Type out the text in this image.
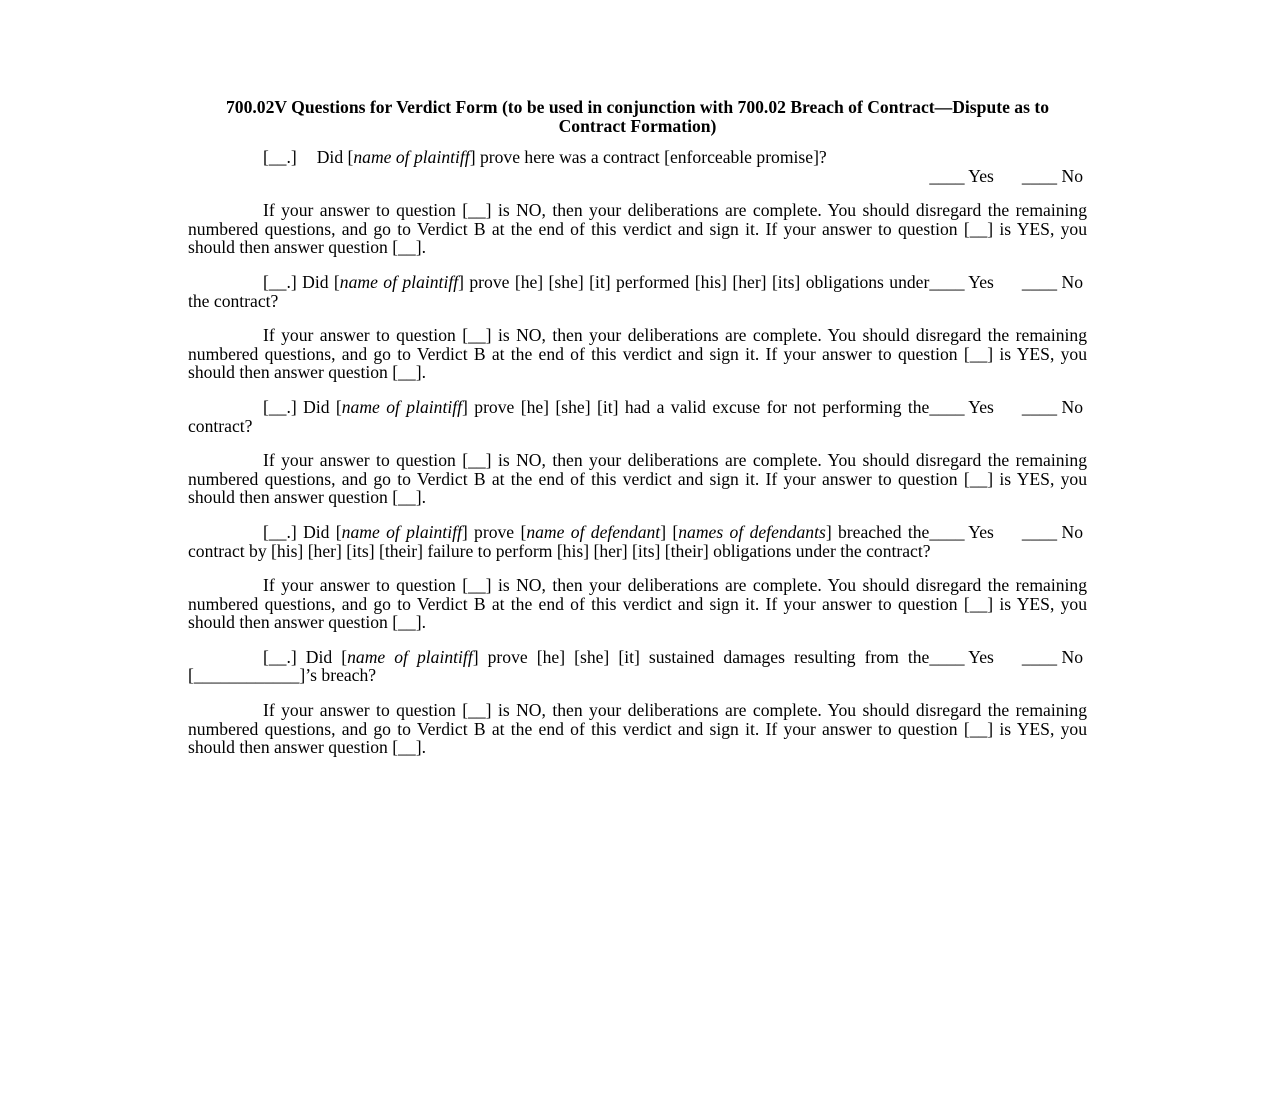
700.02V Questions for Verdict Form (to be used in conjunction with 700.02 Breach of Contract—Dispute as to Contract Formation)
[__.] Did [name of plaintiff] prove here was a contract [enforceable promise]?
____ Yes ____ No
If your answer to question [__] is NO, then your deliberations are complete. You should disregard the remaining numbered questions, and go to Verdict B at the end of this verdict and sign it. If your answer to question [__] is YES, you should then answer question [__].
____ Yes ____ No
[__.] Did [name of plaintiff] prove [he] [she] [it] performed [his] [her] [its] obligations under the contract?
If your answer to question [__] is NO, then your deliberations are complete. You should disregard the remaining numbered questions, and go to Verdict B at the end of this verdict and sign it. If your answer to question [__] is YES, you should then answer question [__].
____ Yes ____ No
[__.] Did [name of plaintiff] prove [he] [she] [it] had a valid excuse for not performing the contract?
If your answer to question [__] is NO, then your deliberations are complete. You should disregard the remaining numbered questions, and go to Verdict B at the end of this verdict and sign it. If your answer to question [__] is YES, you should then answer question [__].
____ Yes ____ No
[__.] Did [name of plaintiff] prove [name of defendant] [names of defendants] breached the contract by [his] [her] [its] [their] failure to perform [his] [her] [its] [their] obligations under the contract?
If your answer to question [__] is NO, then your deliberations are complete. You should disregard the remaining numbered questions, and go to Verdict B at the end of this verdict and sign it. If your answer to question [__] is YES, you should then answer question [__].
____ Yes ____ No
[__.] Did [name of plaintiff] prove [he] [she] [it] sustained damages resulting from the [____________]’s breach?
If your answer to question [__] is NO, then your deliberations are complete. You should disregard the remaining numbered questions, and go to Verdict B at the end of this verdict and sign it. If your answer to question [__] is YES, you should then answer question [__].
